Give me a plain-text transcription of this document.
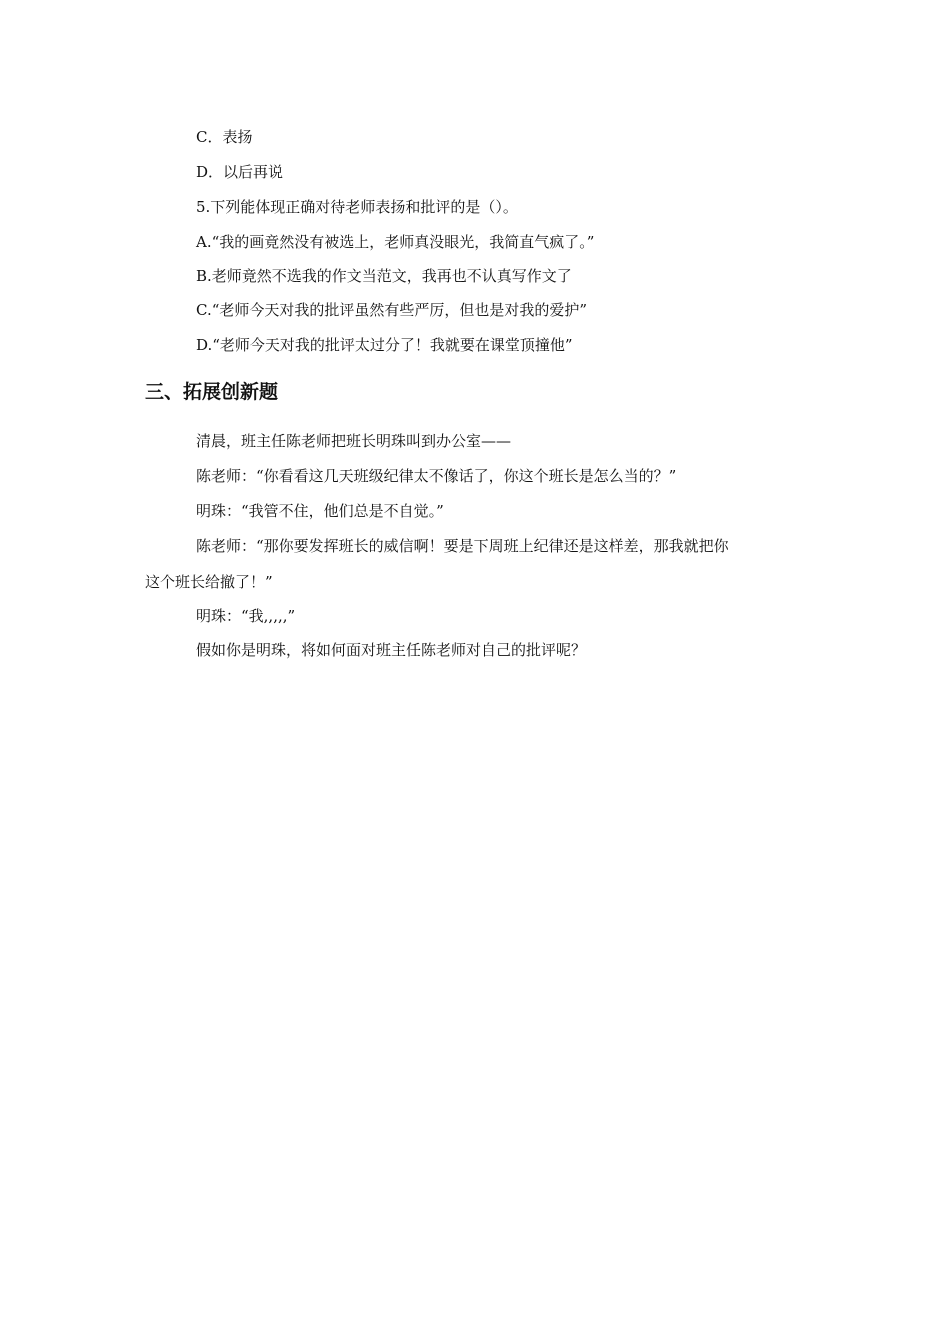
C．表扬
D．以后再说
5.下列能体现正确对待老师表扬和批评的是（）。
A.“我的画竟然没有被选上，老师真没眼光，我简直气疯了。”
B.老师竟然不选我的作文当范文，我再也不认真写作文了
C.“老师今天对我的批评虽然有些严厉，但也是对我的爱护”
D.“老师今天对我的批评太过分了！我就要在课堂顶撞他”
三、拓展创新题
清晨，班主任陈老师把班长明珠叫到办公室——
陈老师：“你看看这几天班级纪律太不像话了，你这个班长是怎么当的？”
明珠：“我管不住，他们总是不自觉。”
陈老师：“那你要发挥班长的威信啊！要是下周班上纪律还是这样差，那我就把你
这个班长给撤了！”
明珠：“我,,,,,”
假如你是明珠，将如何面对班主任陈老师对自己的批评呢？
